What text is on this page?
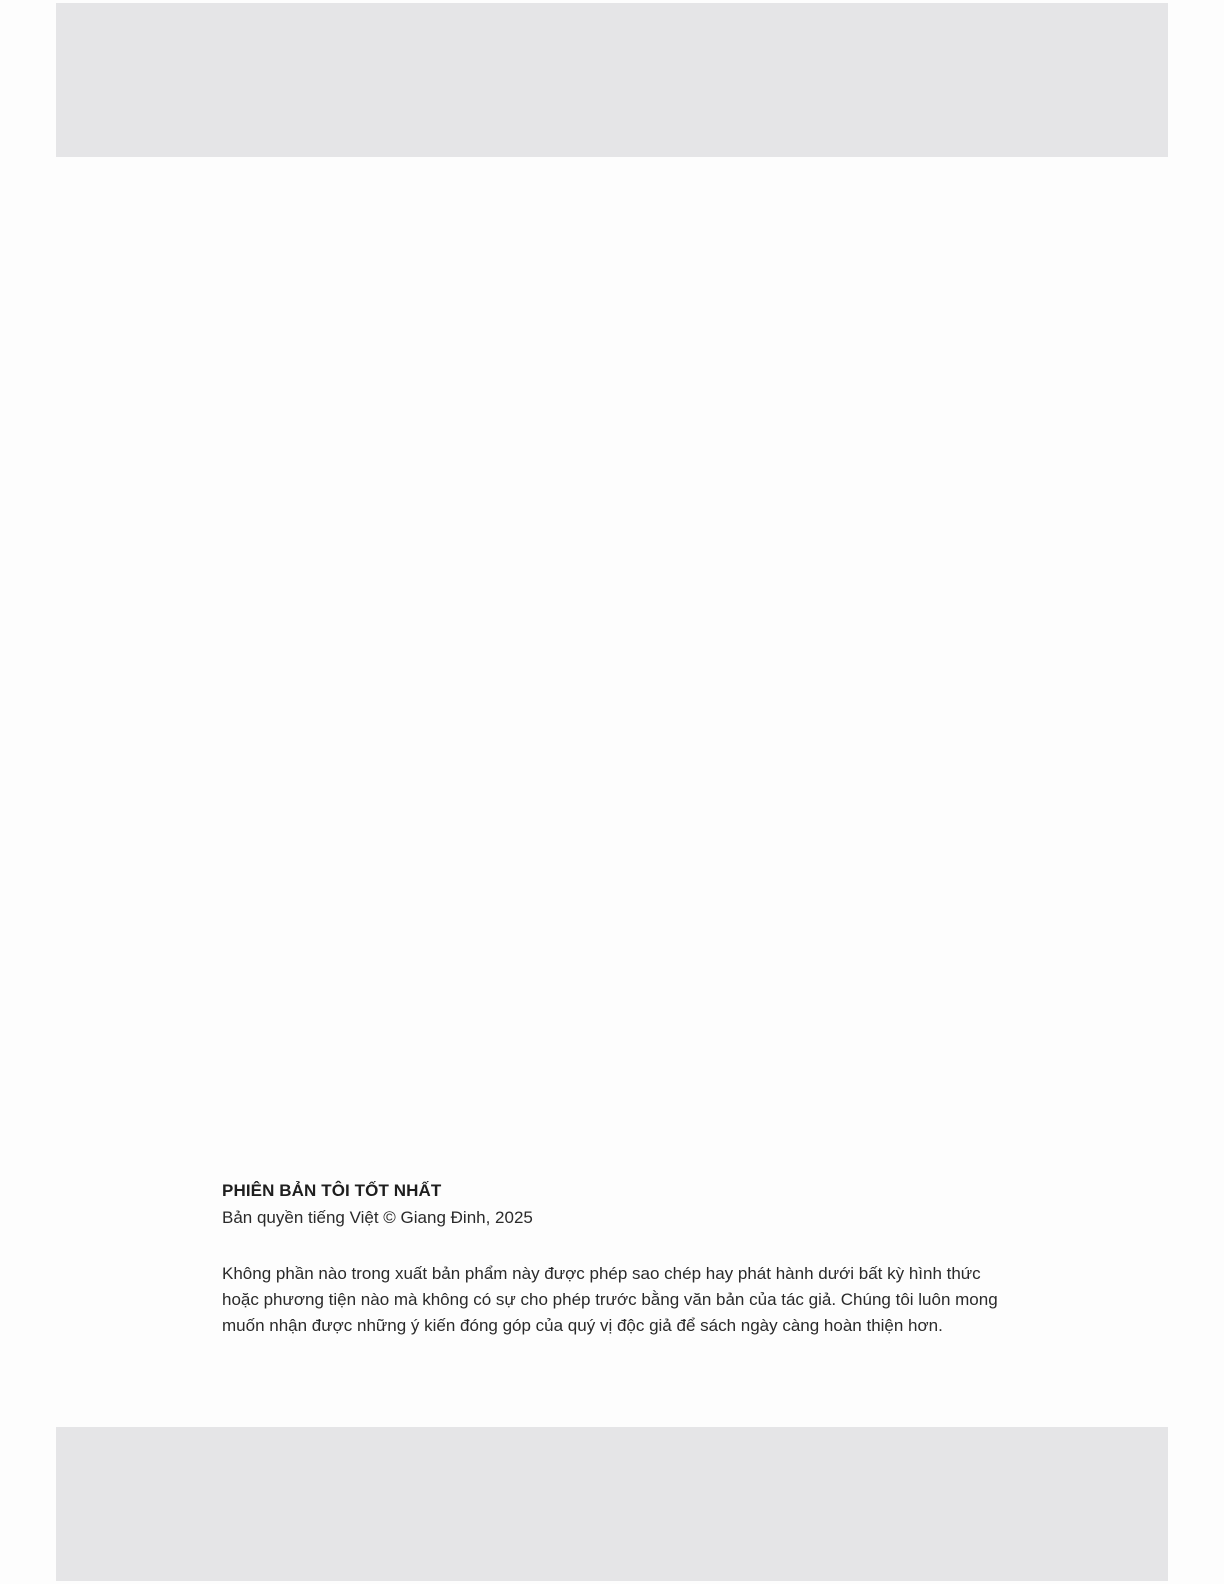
PHIÊN BẢN TÔI TỐT NHẤT

Bản quyền tiếng Việt © Giang Đinh, 2025

Không phần nào trong xuất bản phẩm này được phép sao chép hay phát hành dưới bất kỳ hình thức hoặc phương tiện nào mà không có sự cho phép trước bằng văn bản của tác giả. Chúng tôi luôn mong muốn nhận được những ý kiến đóng góp của quý vị độc giả để sách ngày càng hoàn thiện hơn.
